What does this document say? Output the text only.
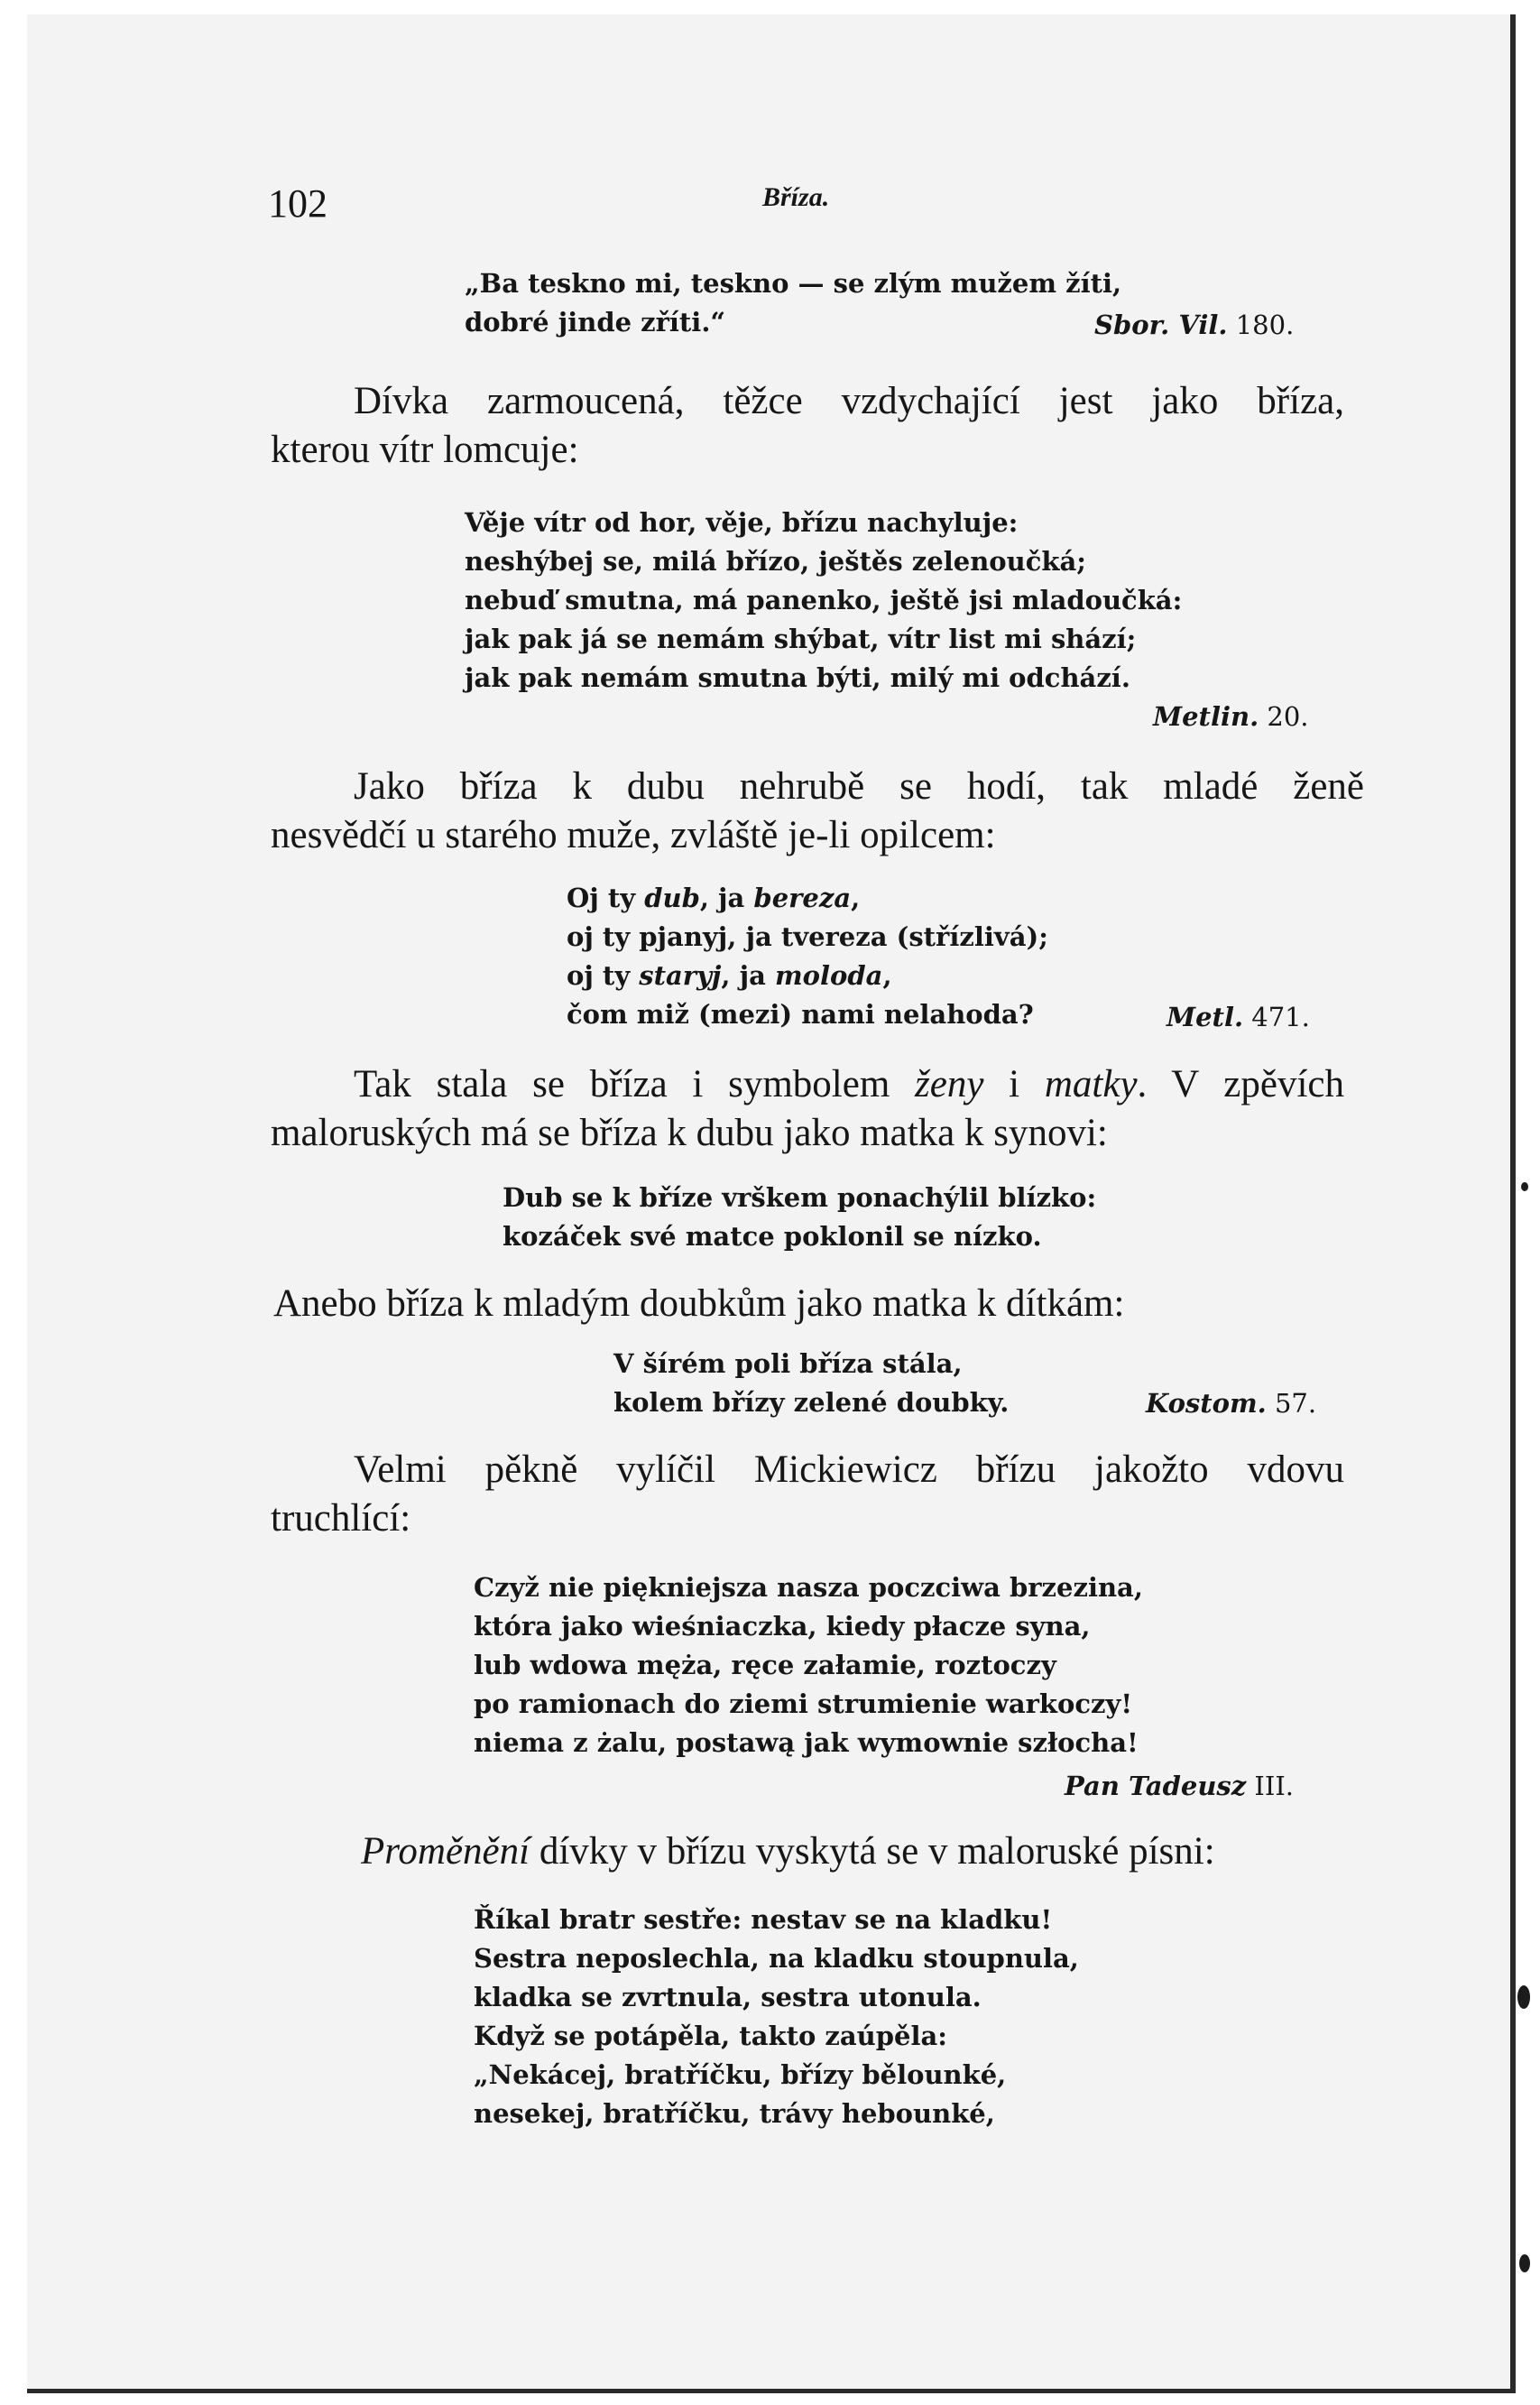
102	Bříza.
„Ba teskno mi, teskno — se zlým mužem žíti,
dobré jinde zříti.“	Sbor. Vil. 180.
Dívka zarmoucená, těžce vzdychající jest jako bříza,
kterou vítr lomcuje:
Věje vítr od hor, věje, břízu nachyluje:
neshýbej se, milá břízo, ještěs zelenoučká;
nebuď smutna, má panenko, ještě jsi mladoučká:
jak pak já se nemám shýbat, vítr list mi shází;
jak pak nemám smutna býti, milý mi odchází.
Metlin. 20.
Jako bříza k dubu nehrubě se hodí, tak mladé ženě
nesvědčí u starého muže, zvláště je-li opilcem:
Oj ty dub, ja bereza,
oj ty pjanyj, ja tvereza (střízlivá);
oj ty staryj, ja moloda,
čom miž (mezi) nami nelahoda?	Metl. 471.
Tak stala se bříza i symbolem ženy i matky. V zpěvích
maloruských má se bříza k dubu jako matka k synovi:
Dub se k bříze vrškem ponachýlil blízko:
kozáček své matce poklonil se nízko.
Anebo bříza k mladým doubkům jako matka k dítkám:
V šírém poli bříza stála,
kolem břízy zelené doubky.	Kostom. 57.
Velmi pěkně vylíčil Mickiewicz břízu jakožto vdovu
truchlící:
Czyž nie piękniejsza nasza poczciwa brzezina,
która jako wieśniaczka, kiedy płacze syna,
lub wdowa męża, ręce załamie, roztoczy
po ramionach do ziemi strumienie warkoczy!
niema z żalu, postawą jak wymownie szłocha!
Pan Tadeusz III.
Proměnění dívky v břízu vyskytá se v maloruské písni:
Říkal bratr sestře: nestav se na kladku!
Sestra neposlechla, na kladku stoupnula,
kladka se zvrtnula, sestra utonula.
Když se potápěla, takto zaúpěla:
„Nekácej, bratříčku, břízy bělounké,
nesekej, bratříčku, trávy hebounké,
